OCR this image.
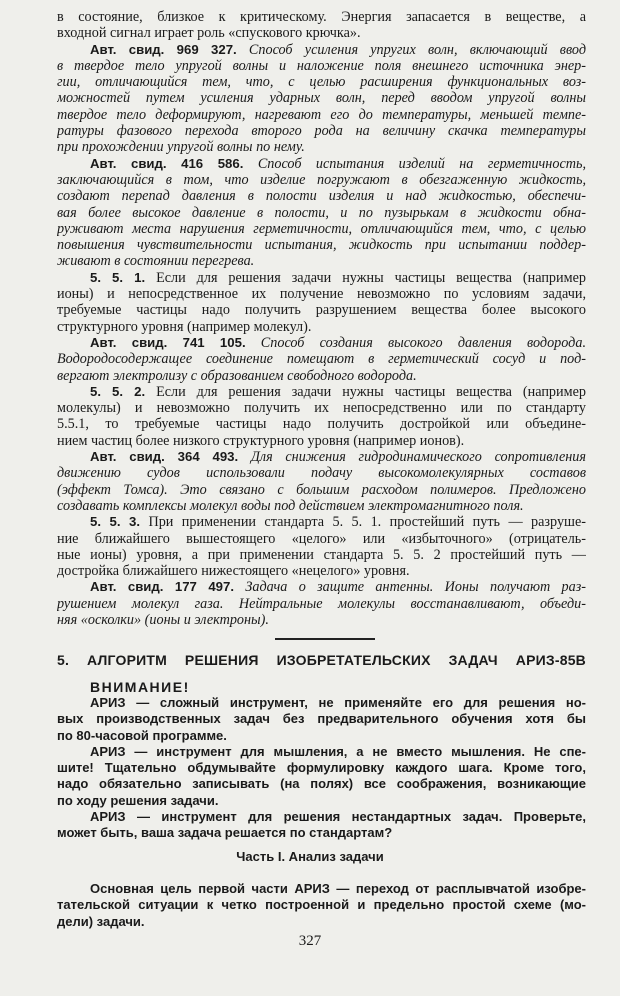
в состояние, близкое к критическому. Энергия запасается в веществе, а
входной сигнал играет роль «спускового крючка».
Авт. свид. 969 327. Способ усиления упругих волн, включающий ввод
в твердое тело упругой волны и наложение поля внешнего источника энер-
гии, отличающийся тем, что, с целью расширения функциональных воз-
можностей путем усиления ударных волн, перед вводом упругой волны
твердое тело деформируют, нагревают его до температуры, меньшей темпе-
ратуры фазового перехода второго рода на величину скачка температуры
при прохождении упругой волны по нему.
Авт. свид. 416 586. Способ испытания изделий на герметичность,
заключающийся в том, что изделие погружают в обезгаженную жидкость,
создают перепад давления в полости изделия и над жидкостью, обеспечи-
вая более высокое давление в полости, и по пузырькам в жидкости обна-
руживают места нарушения герметичности, отличающийся тем, что, с целью
повышения чувствительности испытания, жидкость при испытании поддер-
живают в состоянии перегрева.
5. 5. 1. Если для решения задачи нужны частицы вещества (например
ионы) и непосредственное их получение невозможно по условиям задачи,
требуемые частицы надо получить разрушением вещества более высокого
структурного уровня (например молекул).
Авт. свид. 741 105. Способ создания высокого давления водорода.
Водородосодержащее соединение помещают в герметический сосуд и под-
вергают электролизу с образованием свободного водорода.
5. 5. 2. Если для решения задачи нужны частицы вещества (например
молекулы) и невозможно получить их непосредственно или по стандарту
5.5.1, то требуемые частицы надо получить достройкой или объедине-
нием частиц более низкого структурного уровня (например ионов).
Авт. свид. 364 493. Для снижения гидродинамического сопротивления
движению судов использовали подачу высокомолекулярных составов
(эффект Томса). Это связано с большим расходом полимеров. Предложено
создавать комплексы молекул воды под действием электромагнитного поля.
5. 5. 3. При применении стандарта 5. 5. 1. простейший путь — разруше-
ние ближайшего вышестоящего «целого» или «избыточного» (отрицатель-
ные ионы) уровня, а при применении стандарта 5. 5. 2 простейший путь —
достройка ближайшего нижестоящего «нецелого» уровня.
Авт. свид. 177 497. Задача о защите антенны. Ионы получают раз-
рушением молекул газа. Нейтральные молекулы восстанавливают, объеди-
няя «осколки» (ионы и электроны).
5. АЛГОРИТМ РЕШЕНИЯ ИЗОБРЕТАТЕЛЬСКИХ ЗАДАЧ АРИЗ-85В
ВНИМАНИЕ!
АРИЗ — сложный инструмент, не применяйте его для решения но-
вых производственных задач без предварительного обучения хотя бы
по 80-часовой программе.
АРИЗ — инструмент для мышления, а не вместо мышления. Не спе-
шите! Тщательно обдумывайте формулировку каждого шага. Кроме того,
надо обязательно записывать (на полях) все соображения, возникающие
по ходу решения задачи.
АРИЗ — инструмент для решения нестандартных задач. Проверьте,
может быть, ваша задача решается по стандартам?
Часть I. Анализ задачи
Основная цель первой части АРИЗ — переход от расплывчатой изобре-
тательской ситуации к четко построенной и предельно простой схеме (мо-
дели) задачи.
327
